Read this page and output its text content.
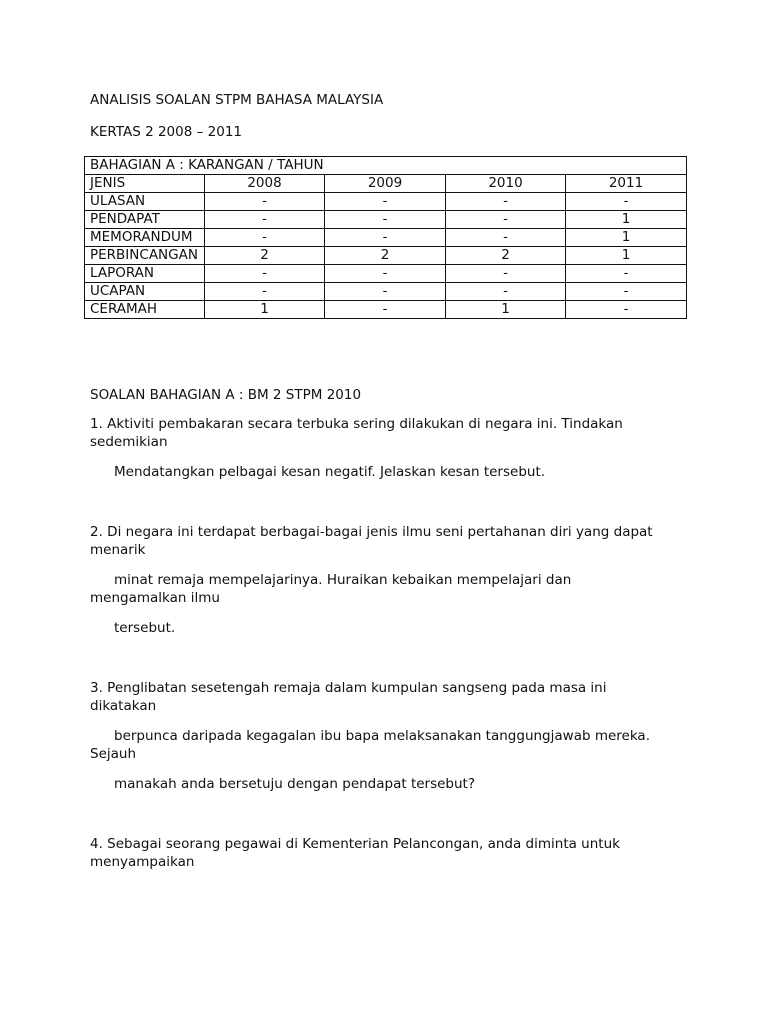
ANALISIS SOALAN STPM BAHASA MALAYSIA
KERTAS 2 2008 – 2011
BAHAGIAN A : KARANGAN / TAHUN				
JENIS	2008	2009	2010	2011
ULASAN	-	-	-	-
PENDAPAT	-	-	-	1
MEMORANDUM	-	-	-	1
PERBINCANGAN	2	2	2	1
LAPORAN	-	-	-	-
UCAPAN	-	-	-	-
CERAMAH	1	-	1	-
SOALAN BAHAGIAN A : BM 2 STPM 2010
1. Aktiviti pembakaran secara terbuka sering dilakukan di negara ini. Tindakan sedemikian
Mendatangkan pelbagai kesan negatif. Jelaskan kesan tersebut.
2. Di negara ini terdapat berbagai-bagai jenis ilmu seni pertahanan diri yang dapat menarik
minat remaja mempelajarinya. Huraikan kebaikan mempelajari dan mengamalkan ilmu
tersebut.
3. Penglibatan sesetengah remaja dalam kumpulan sangseng pada masa ini dikatakan
berpunca daripada kegagalan ibu bapa melaksanakan tanggungjawab mereka. Sejauh
manakah anda bersetuju dengan pendapat tersebut?
4. Sebagai seorang pegawai di Kementerian Pelancongan, anda diminta untuk menyampaikan
